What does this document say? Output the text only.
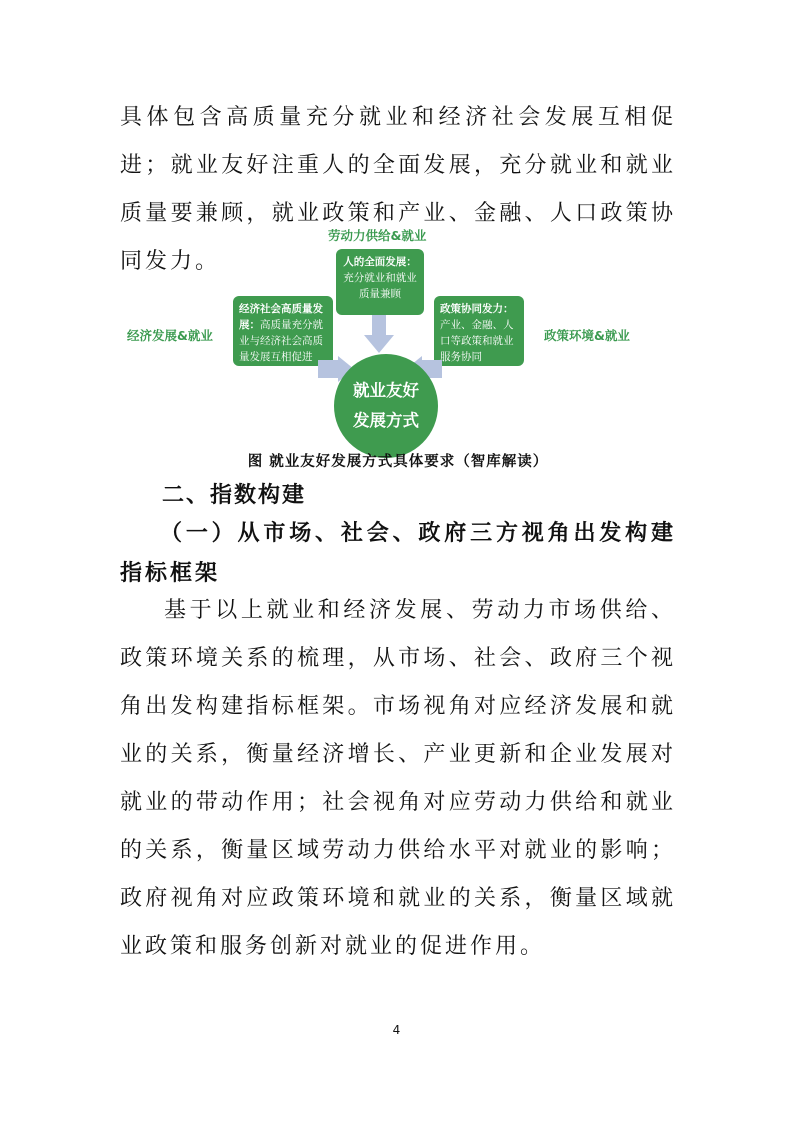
具体包含高质量充分就业和经济社会发展互相促进；就业友好注重人的全面发展，充分就业和就业质量要兼顾，就业政策和产业、金融、人口政策协同发力。

劳动力供给&就业
经济发展&就业	政策环境&就业
人的全面发展：
充分就业和就业质量兼顾
经济社会高质量发展：高质量充分就业与经济社会高质量发展互相促进
政策协同发力：产业、金融、人口等政策和就业服务协同
就业友好
发展方式

图 就业友好发展方式具体要求（智库解读）

二、指数构建
（一）从市场、社会、政府三方视角出发构建指标框架

基于以上就业和经济发展、劳动力市场供给、政策环境关系的梳理，从市场、社会、政府三个视角出发构建指标框架。市场视角对应经济发展和就业的关系，衡量经济增长、产业更新和企业发展对就业的带动作用；社会视角对应劳动力供给和就业的关系，衡量区域劳动力供给水平对就业的影响；政府视角对应政策环境和就业的关系，衡量区域就业政策和服务创新对就业的促进作用。

4
